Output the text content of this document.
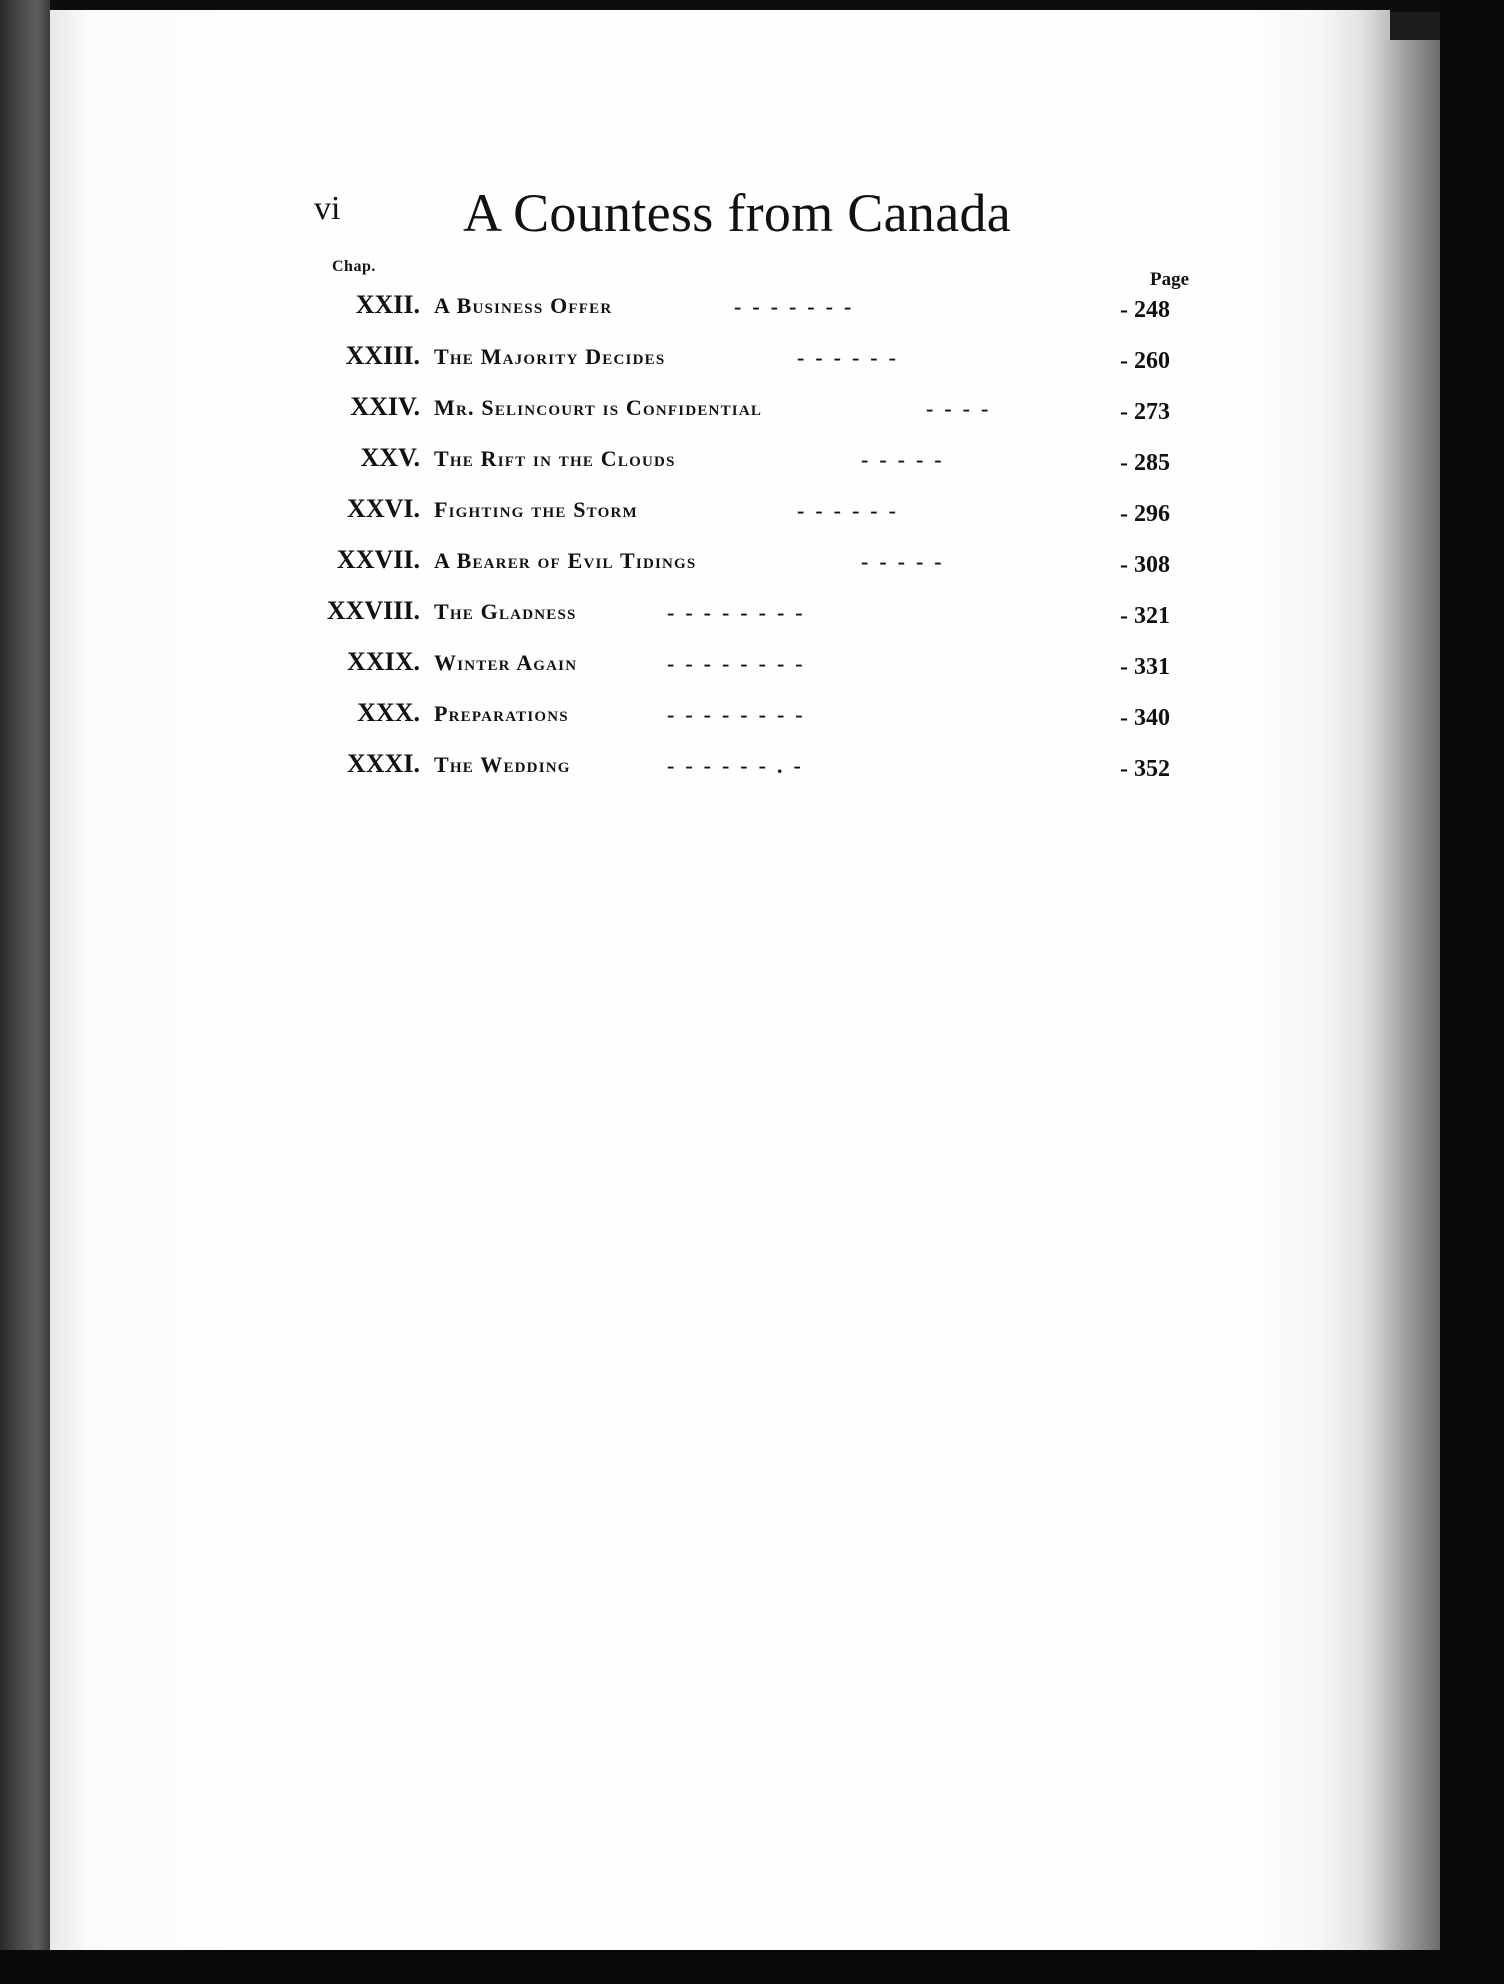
vi A Countess from Canada
Chap.
Page
XXII. A Business Offer	-  -  -  -  -  -  -	- 248
XXIII. The Majority Decides	-  -  -  -  -  -	- 260
XXIV. Mr. Selincourt is Confidential	-  -  -  -	- 273
XXV. The Rift in the Clouds	-  -  -  -  -	- 285
XXVI. Fighting the Storm	-  -  -  -  -  -	- 296
XXVII. A Bearer of Evil Tidings	-  -  -  -  -	- 308
XXVIII. The Gladness	-  -  -  -  -  -  -  -	- 321
XXIX. Winter Again	-  -  -  -  -  -  -  -	- 331
XXX. Preparations	-  -  -  -  -  -  -  -	- 340
XXXI. The Wedding	-  -  -  -  -  -  .  -	- 352
